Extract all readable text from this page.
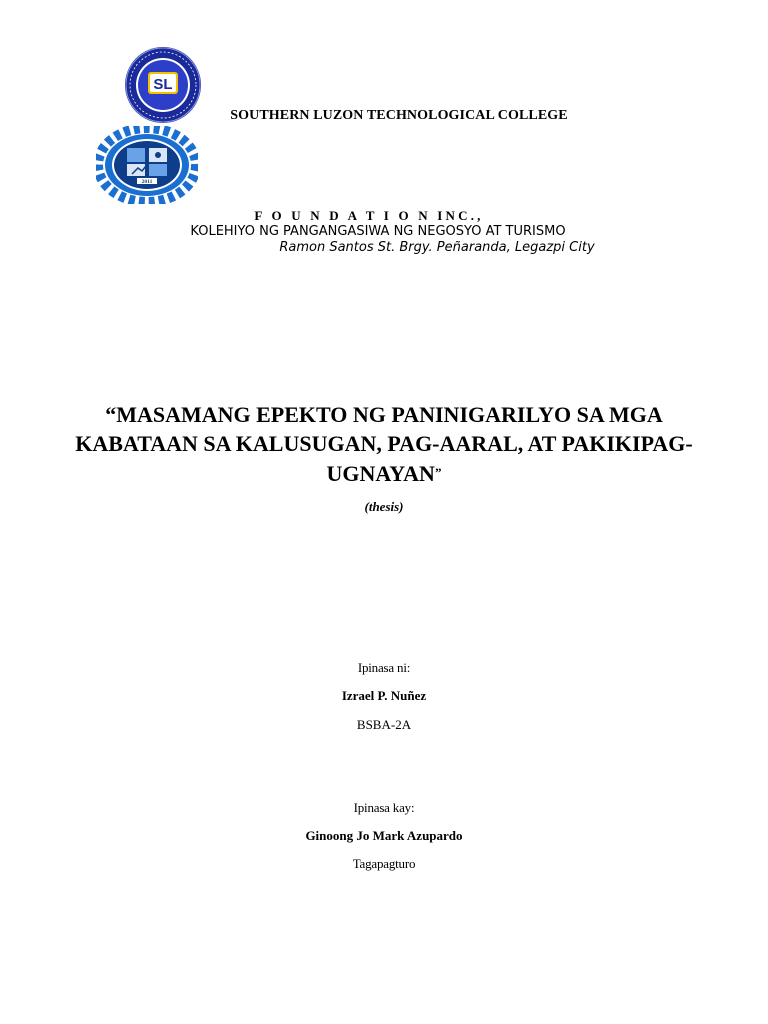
SL
2011
SOUTHERN LUZON TECHNOLOGICAL COLLEGE
F O U N D A T I O N INC.,
KOLEHIYO NG PANGANGASIWA NG NEGOSYO AT TURISMO
Ramon Santos St. Brgy. Peñaranda, Legazpi City
“MASAMANG EPEKTO NG PANINIGARILYO SA MGA KABATAAN SA KALUSUGAN, PAG-AARAL, AT PAKIKIPAG-UGNAYAN”
(thesis)
Ipinasa ni:
Izrael P. Nuñez
BSBA-2A
Ipinasa kay:
Ginoong Jo Mark Azupardo
Tagapagturo
